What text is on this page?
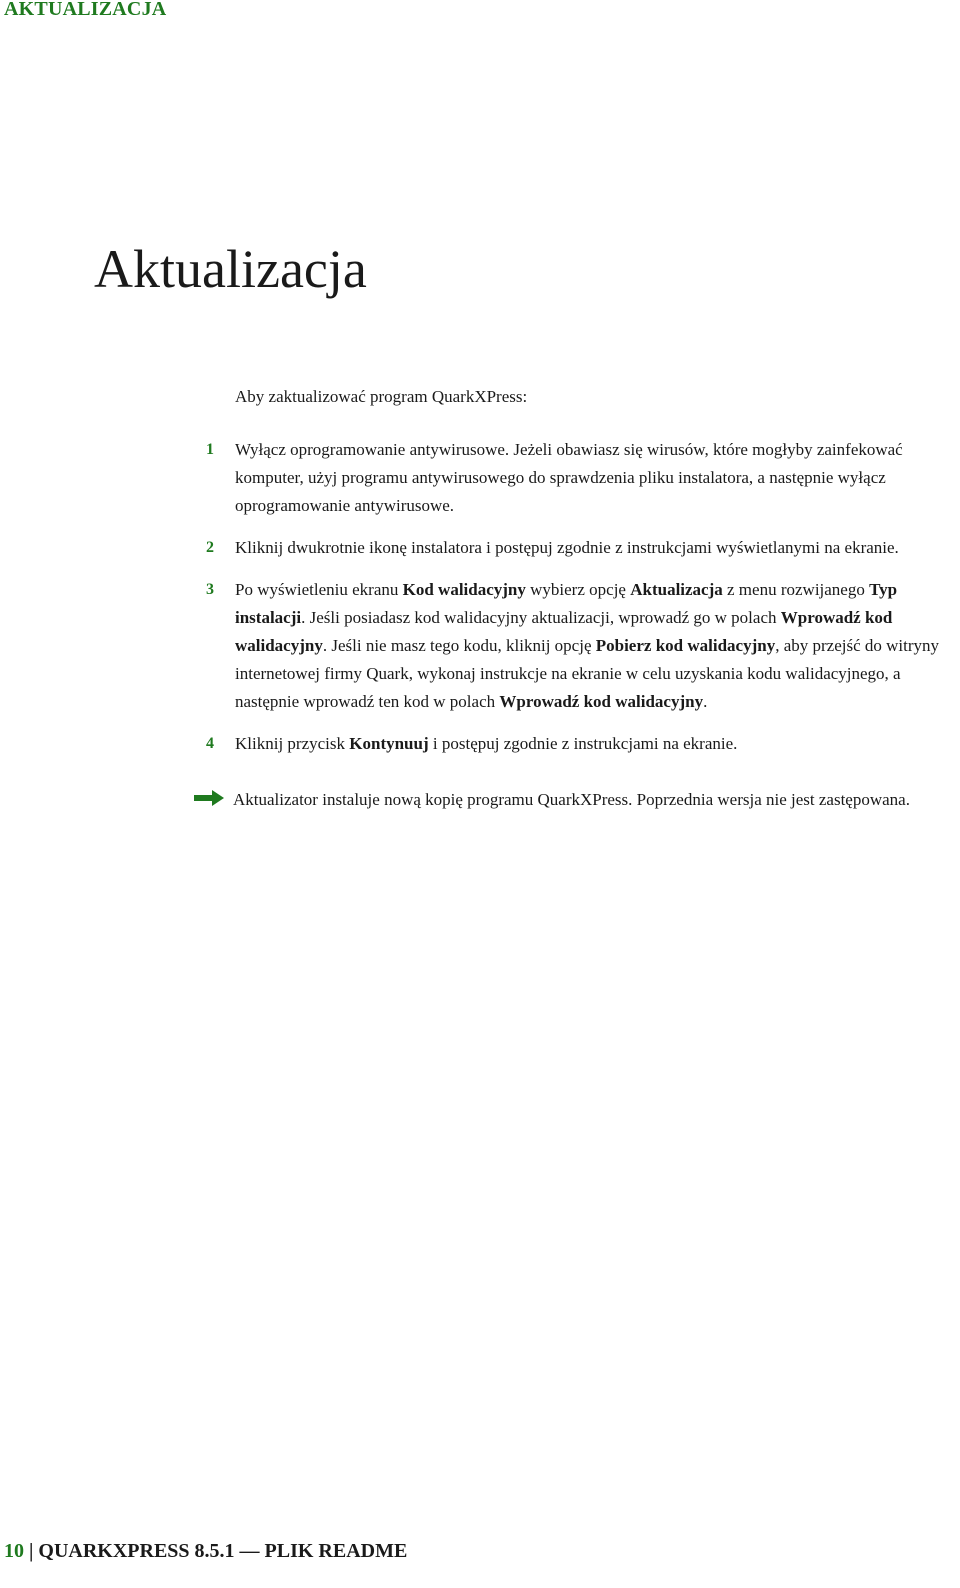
AKTUALIZACJA
Aktualizacja
Aby zaktualizować program QuarkXPress:
1 Wyłącz oprogramowanie antywirusowe. Jeżeli obawiasz się wirusów, które mogłyby zainfekować komputer, użyj programu antywirusowego do sprawdzenia pliku instalatora, a następnie wyłącz oprogramowanie antywirusowe.
2 Kliknij dwukrotnie ikonę instalatora i postępuj zgodnie z instrukcjami wyświetlanymi na ekranie.
3 Po wyświetleniu ekranu Kod walidacyjny wybierz opcję Aktualizacja z menu rozwijanego Typ instalacji. Jeśli posiadasz kod walidacyjny aktualizacji, wprowadź go w polach Wprowadź kod walidacyjny. Jeśli nie masz tego kodu, kliknij opcję Pobierz kod walidacyjny, aby przejść do witryny internetowej firmy Quark, wykonaj instrukcje na ekranie w celu uzyskania kodu walidacyjnego, a następnie wprowadź ten kod w polach Wprowadź kod walidacyjny.
4 Kliknij przycisk Kontynuuj i postępuj zgodnie z instrukcjami na ekranie.
Aktualizator instaluje nową kopię programu QuarkXPress. Poprzednia wersja nie jest zastępowana.
10 | QUARKXPRESS 8.5.1 — PLIK README
